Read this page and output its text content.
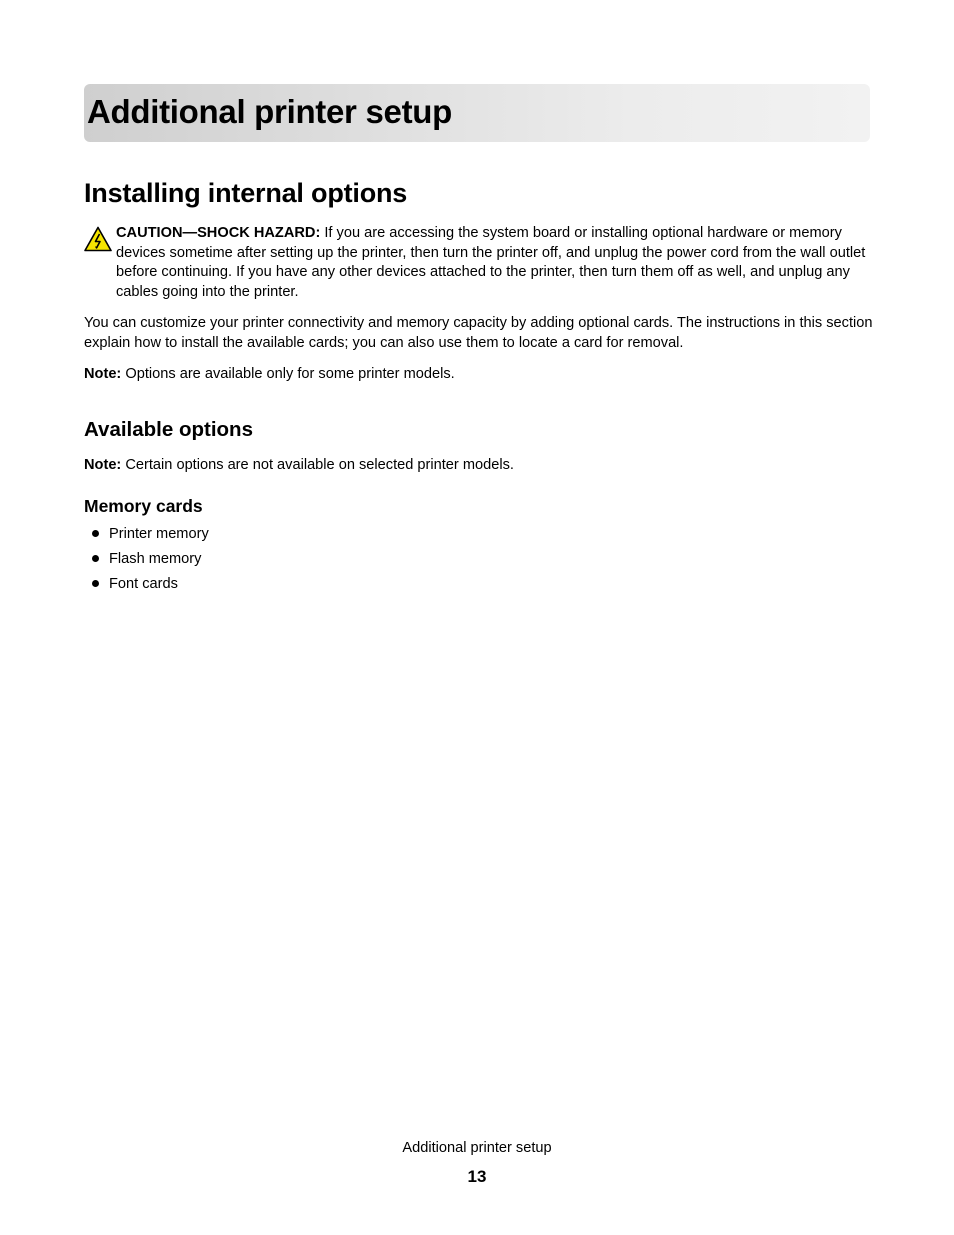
Additional printer setup
Installing internal options
CAUTION—SHOCK HAZARD: If you are accessing the system board or installing optional hardware or memory devices sometime after setting up the printer, then turn the printer off, and unplug the power cord from the wall outlet before continuing. If you have any other devices attached to the printer, then turn them off as well, and unplug any cables going into the printer.

You can customize your printer connectivity and memory capacity by adding optional cards. The instructions in this section explain how to install the available cards; you can also use them to locate a card for removal.

Note: Options are available only for some printer models.

Available options

Note: Certain options are not available on selected printer models.

Memory cards
Printer memory
Flash memory
Font cards
Additional printer setup
13
